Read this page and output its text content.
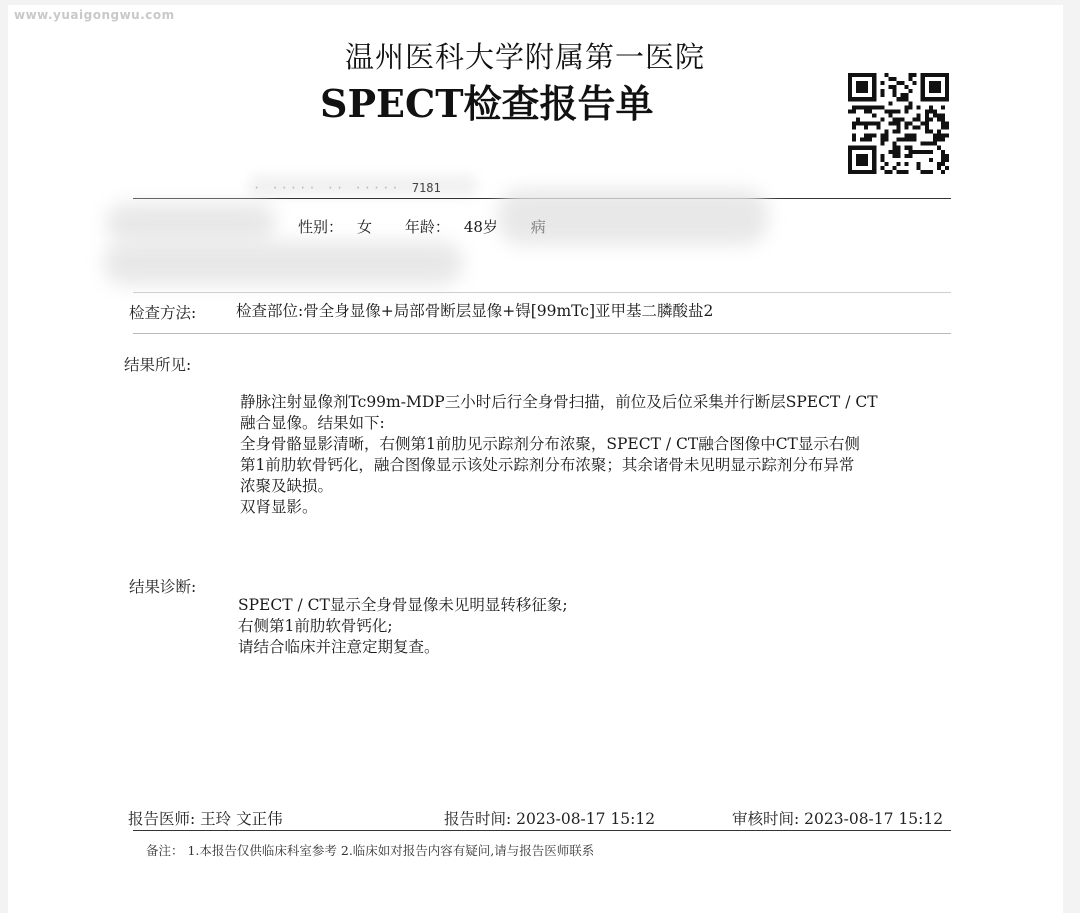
www.yuaigongwu.com
温州医科大学附属第一医院
SPECT检查报告单
· ····· ·· ····· 7181
性别： 女 年龄： 48岁 病
检查方法:	检查部位:骨全身显像+局部骨断层显像+锝[99mTc]亚甲基二膦酸盐2
结果所见:
静脉注射显像剂Tc99m-MDP三小时后行全身骨扫描，前位及后位采集并行断层SPECT / CT
融合显像。结果如下:
全身骨骼显影清晰，右侧第1前肋见示踪剂分布浓聚，SPECT / CT融合图像中CT显示右侧
第1前肋软骨钙化，融合图像显示该处示踪剂分布浓聚；其余诸骨未见明显示踪剂分布异常
浓聚及缺损。
双肾显影。
结果诊断:
SPECT / CT显示全身骨显像未见明显转移征象;
右侧第1前肋软骨钙化;
请结合临床并注意定期复查。
报告医师: 王玲 文正伟	报告时间: 2023-08-17 15:12	审核时间: 2023-08-17 15:12
备注： 1.本报告仅供临床科室参考 2.临床如对报告内容有疑问,请与报告医师联系
